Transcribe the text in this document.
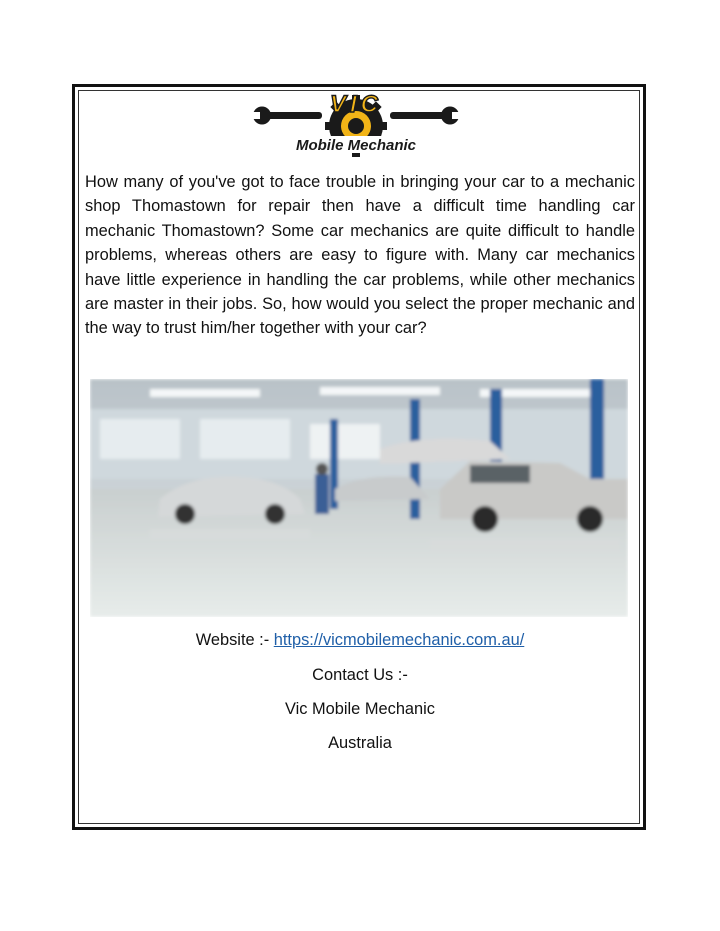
VIC
Mobile Mechanic

How many of you've got to face trouble in bringing your car to a mechanic shop Thomastown for repair then have a difficult time handling car mechanic Thomastown? Some car mechanics are quite difficult to handle problems, whereas others are easy to figure with. Many car mechanics have little experience in handling the car problems, while other mechanics are master in their jobs. So, how would you select the proper mechanic and the way to trust him/her together with your car?

Website :- https://vicmobilemechanic.com.au/
Contact Us :-
Vic Mobile Mechanic
Australia
